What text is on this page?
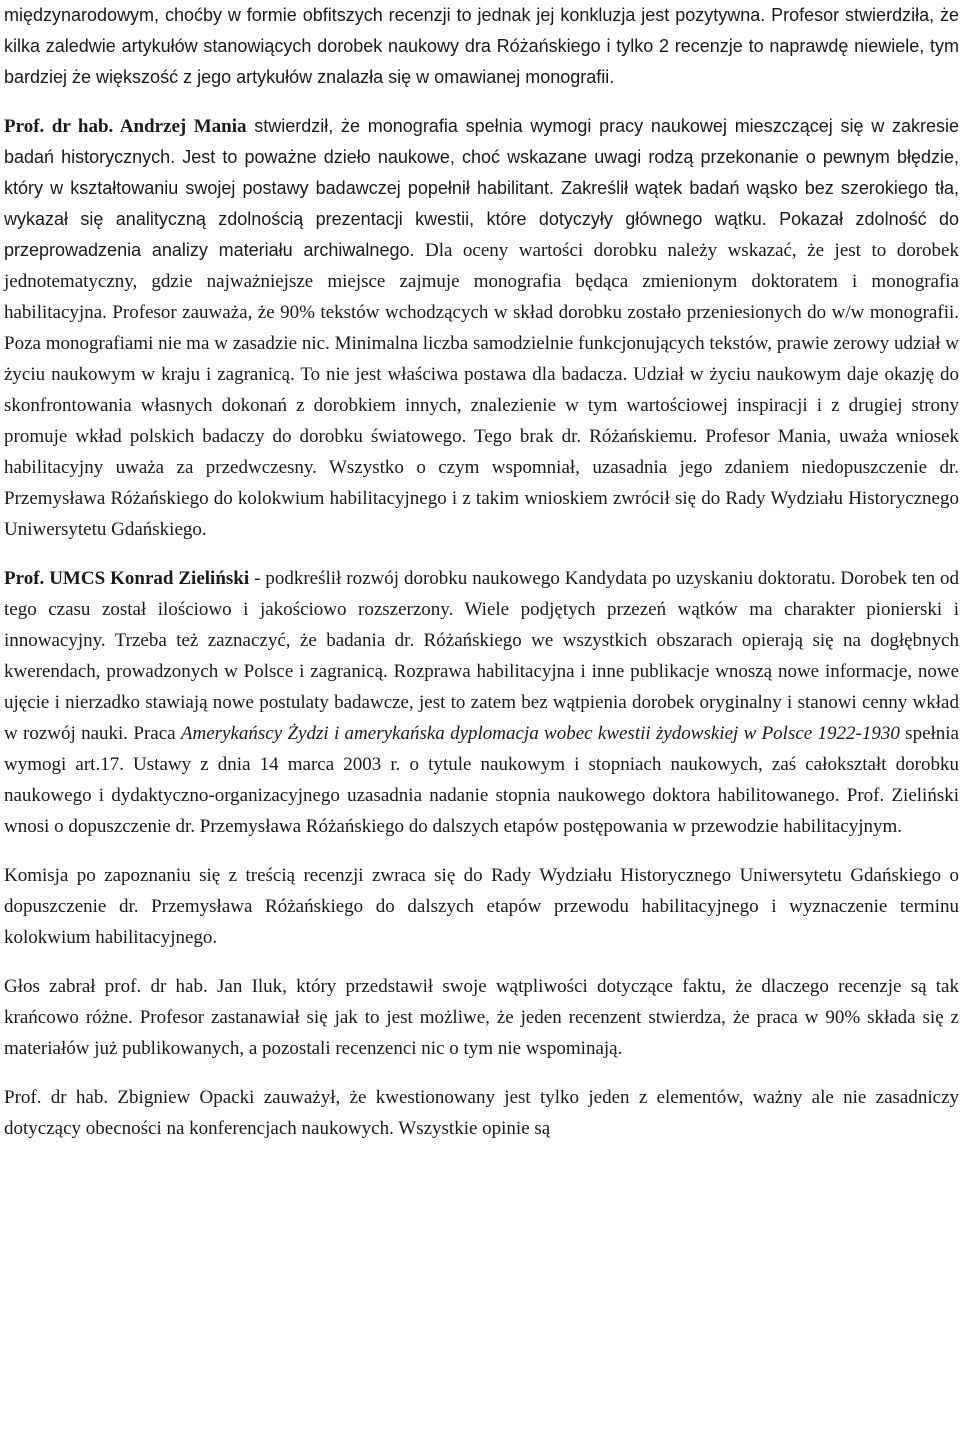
międzynarodowym, choćby w formie obfitszych recenzji to jednak jej konkluzja jest pozytywna. Profesor stwierdziła, że kilka zaledwie artykułów stanowiących dorobek naukowy dra Różańskiego i tylko 2 recenzje to naprawdę niewiele, tym bardziej że większość z jego artykułów znalazła się w omawianej monografii.

Prof. dr hab. Andrzej Mania stwierdził, że monografia spełnia wymogi pracy naukowej mieszczącej się w zakresie badań historycznych. Jest to poważne dzieło naukowe, choć wskazane uwagi rodzą przekonanie o pewnym błędzie, który w kształtowaniu swojej postawy badawczej popełnił habilitant. Zakreślił wątek badań wąsko bez szerokiego tła, wykazał się analityczną zdolnością prezentacji kwestii, które dotyczyły głównego wątku. Pokazał zdolność do przeprowadzenia analizy materiału archiwalnego. Dla oceny wartości dorobku należy wskazać, że jest to dorobek jednotematyczny, gdzie najważniejsze miejsce zajmuje monografia będąca zmienionym doktoratem i monografia habilitacyjna. Profesor zauważa, że 90% tekstów wchodzących w skład dorobku zostało przeniesionych do w/w monografii. Poza monografiami nie ma w zasadzie nic. Minimalna liczba samodzielnie funkcjonujących tekstów, prawie zerowy udział w życiu naukowym w kraju i zagranicą. To nie jest właściwa postawa dla badacza. Udział w życiu naukowym daje okazję do skonfrontowania własnych dokonań z dorobkiem innych, znalezienie w tym wartościowej inspiracji i z drugiej strony promuje wkład polskich badaczy do dorobku światowego. Tego brak dr. Różańskiemu. Profesor Mania, uważa wniosek habilitacyjny uważa za przedwczesny. Wszystko o czym wspomniał, uzasadnia jego zdaniem niedopuszczenie dr. Przemysława Różańskiego do kolokwium habilitacyjnego i z takim wnioskiem zwrócił się do Rady Wydziału Historycznego Uniwersytetu Gdańskiego.

Prof. UMCS Konrad Zieliński - podkreślił rozwój dorobku naukowego Kandydata po uzyskaniu doktoratu. Dorobek ten od tego czasu został ilościowo i jakościowo rozszerzony. Wiele podjętych przezeń wątków ma charakter pionierski i innowacyjny. Trzeba też zaznaczyć, że badania dr. Różańskiego we wszystkich obszarach opierają się na dogłębnych kwerendach, prowadzonych w Polsce i zagranicą. Rozprawa habilitacyjna i inne publikacje wnoszą nowe informacje, nowe ujęcie i nierzadko stawiają nowe postulaty badawcze, jest to zatem bez wątpienia dorobek oryginalny i stanowi cenny wkład w rozwój nauki. Praca Amerykańscy Żydzi i amerykańska dyplomacja wobec kwestii żydowskiej w Polsce 1922-1930 spełnia wymogi art.17. Ustawy z dnia 14 marca 2003 r. o tytule naukowym i stopniach naukowych, zaś całokształt dorobku naukowego i dydaktyczno-organizacyjnego uzasadnia nadanie stopnia naukowego doktora habilitowanego. Prof. Zieliński wnosi o dopuszczenie dr. Przemysława Różańskiego do dalszych etapów postępowania w przewodzie habilitacyjnym.

Komisja po zapoznaniu się z treścią recenzji zwraca się do Rady Wydziału Historycznego Uniwersytetu Gdańskiego o dopuszczenie dr. Przemysława Różańskiego do dalszych etapów przewodu habilitacyjnego i wyznaczenie terminu kolokwium habilitacyjnego.

Głos zabrał prof. dr hab. Jan Iluk, który przedstawił swoje wątpliwości dotyczące faktu, że dlaczego recenzje są tak krańcowo różne. Profesor zastanawiał się jak to jest możliwe, że jeden recenzent stwierdza, że praca w 90% składa się z materiałów już publikowanych, a pozostali recenzenci nic o tym nie wspominają.

Prof. dr hab. Zbigniew Opacki zauważył, że kwestionowany jest tylko jeden z elementów, ważny ale nie zasadniczy dotyczący obecności na konferencjach naukowych. Wszystkie opinie są
